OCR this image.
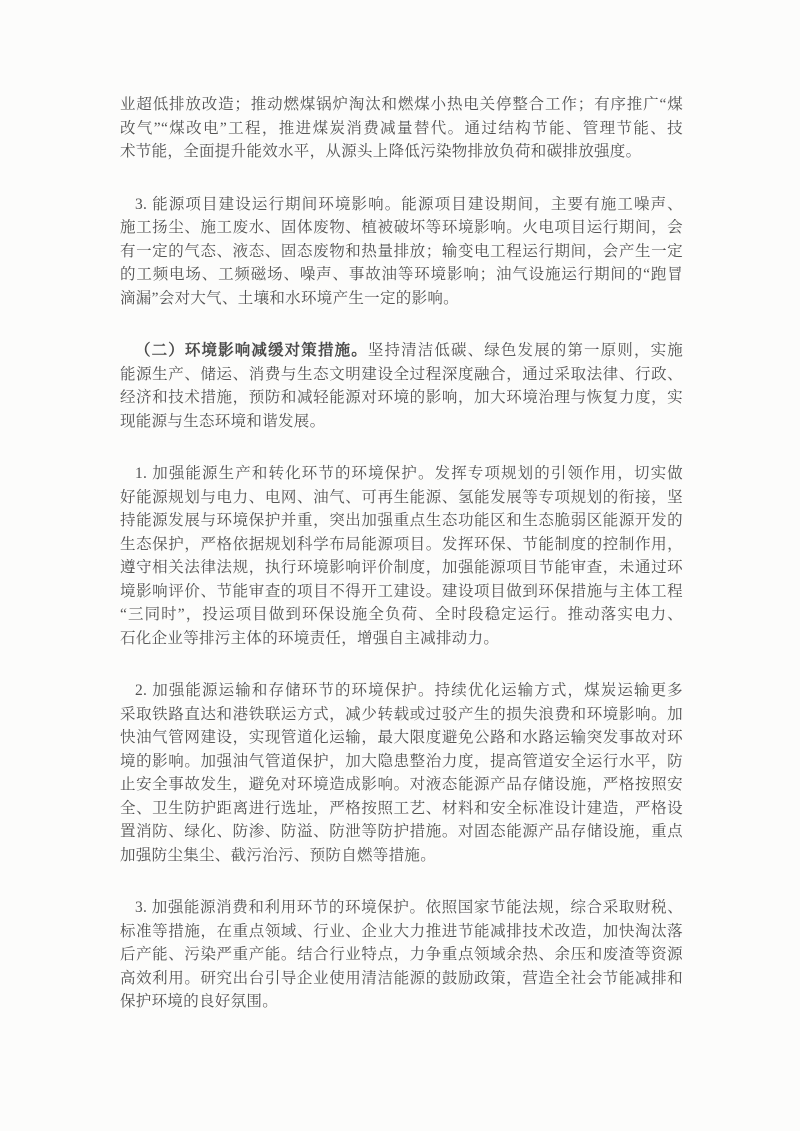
业超低排放改造；推动燃煤锅炉淘汰和燃煤小热电关停整合工作；有序推广“煤
改气”“煤改电”工程，推进煤炭消费减量替代。通过结构节能、管理节能、技
术节能，全面提升能效水平，从源头上降低污染物排放负荷和碳排放强度。
3. 能源项目建设运行期间环境影响。能源项目建设期间，主要有施工噪声、
施工扬尘、施工废水、固体废物、植被破坏等环境影响。火电项目运行期间，会
有一定的气态、液态、固态废物和热量排放；输变电工程运行期间，会产生一定
的工频电场、工频磁场、噪声、事故油等环境影响；油气设施运行期间的“跑冒
滴漏”会对大气、土壤和水环境产生一定的影响。
（二）环境影响减缓对策措施。坚持清洁低碳、绿色发展的第一原则，实施
能源生产、储运、消费与生态文明建设全过程深度融合，通过采取法律、行政、
经济和技术措施，预防和减轻能源对环境的影响，加大环境治理与恢复力度，实
现能源与生态环境和谐发展。
1. 加强能源生产和转化环节的环境保护。发挥专项规划的引领作用，切实做
好能源规划与电力、电网、油气、可再生能源、氢能发展等专项规划的衔接，坚
持能源发展与环境保护并重，突出加强重点生态功能区和生态脆弱区能源开发的
生态保护，严格依据规划科学布局能源项目。发挥环保、节能制度的控制作用，
遵守相关法律法规，执行环境影响评价制度，加强能源项目节能审查，未通过环
境影响评价、节能审查的项目不得开工建设。建设项目做到环保措施与主体工程
“三同时”，投运项目做到环保设施全负荷、全时段稳定运行。推动落实电力、
石化企业等排污主体的环境责任，增强自主减排动力。
2. 加强能源运输和存储环节的环境保护。持续优化运输方式，煤炭运输更多
采取铁路直达和港铁联运方式，减少转载或过驳产生的损失浪费和环境影响。加
快油气管网建设，实现管道化运输，最大限度避免公路和水路运输突发事故对环
境的影响。加强油气管道保护，加大隐患整治力度，提高管道安全运行水平，防
止安全事故发生，避免对环境造成影响。对液态能源产品存储设施，严格按照安
全、卫生防护距离进行选址，严格按照工艺、材料和安全标准设计建造，严格设
置消防、绿化、防渗、防溢、防泄等防护措施。对固态能源产品存储设施，重点
加强防尘集尘、截污治污、预防自燃等措施。
3. 加强能源消费和利用环节的环境保护。依照国家节能法规，综合采取财税、
标准等措施，在重点领域、行业、企业大力推进节能减排技术改造，加快淘汰落
后产能、污染严重产能。结合行业特点，力争重点领域余热、余压和废渣等资源
高效利用。研究出台引导企业使用清洁能源的鼓励政策，营造全社会节能减排和
保护环境的良好氛围。
